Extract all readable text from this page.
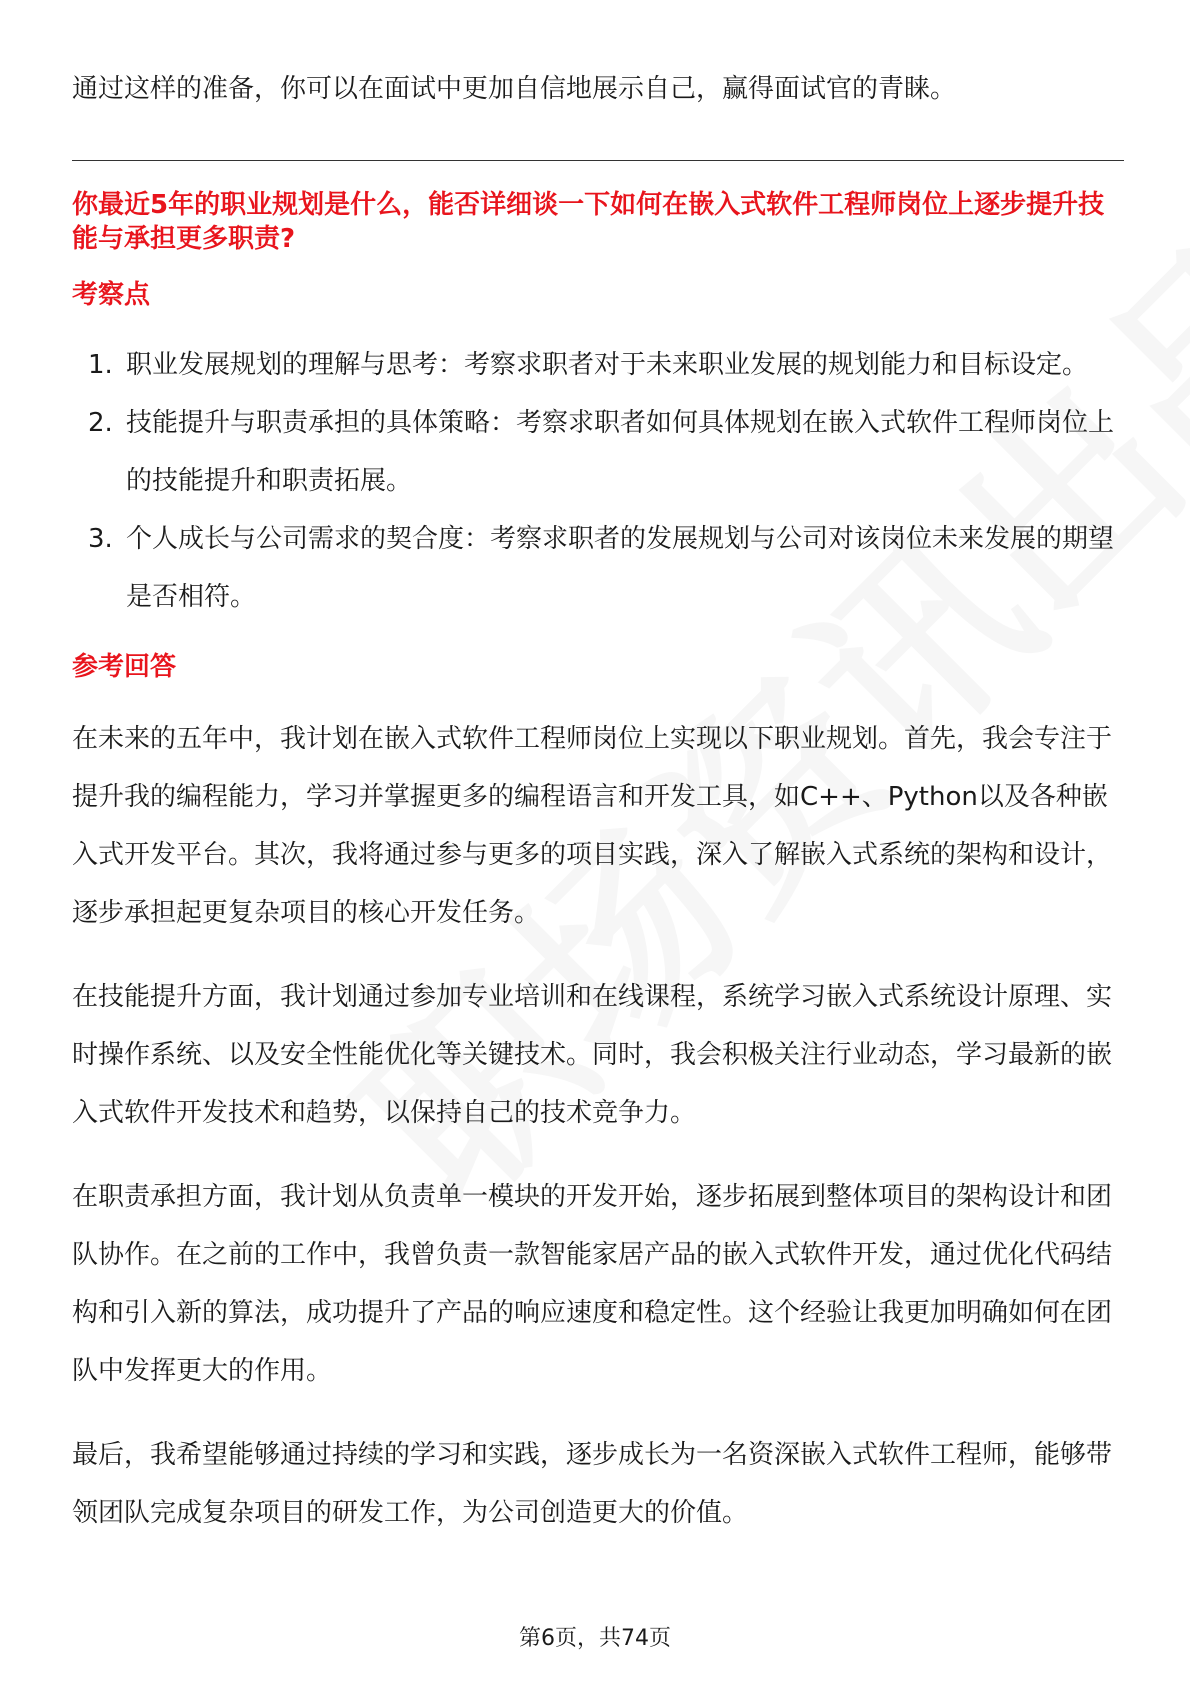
通过这样的准备，你可以在面试中更加自信地展示自己，赢得面试官的青睐。

你最近5年的职业规划是什么，能否详细谈一下如何在嵌入式软件工程师岗位上逐步提升技能与承担更多职责?

考察点

1. 职业发展规划的理解与思考：考察求职者对于未来职业发展的规划能力和目标设定。
2. 技能提升与职责承担的具体策略：考察求职者如何具体规划在嵌入式软件工程师岗位上的技能提升和职责拓展。
3. 个人成长与公司需求的契合度：考察求职者的发展规划与公司对该岗位未来发展的期望是否相符。

参考回答

在未来的五年中，我计划在嵌入式软件工程师岗位上实现以下职业规划。首先，我会专注于提升我的编程能力，学习并掌握更多的编程语言和开发工具，如C++、Python以及各种嵌入式开发平台。其次，我将通过参与更多的项目实践，深入了解嵌入式系统的架构和设计，逐步承担起更复杂项目的核心开发任务。

在技能提升方面，我计划通过参加专业培训和在线课程，系统学习嵌入式系统设计原理、实时操作系统、以及安全性能优化等关键技术。同时，我会积极关注行业动态，学习最新的嵌入式软件开发技术和趋势，以保持自己的技术竞争力。

在职责承担方面，我计划从负责单一模块的开发开始，逐步拓展到整体项目的架构设计和团队协作。在之前的工作中，我曾负责一款智能家居产品的嵌入式软件开发，通过优化代码结构和引入新的算法，成功提升了产品的响应速度和稳定性。这个经验让我更加明确如何在团队中发挥更大的作用。

最后，我希望能够通过持续的学习和实践，逐步成长为一名资深嵌入式软件工程师，能够带领团队完成复杂项目的研发工作，为公司创造更大的价值。

第6页，共74页
